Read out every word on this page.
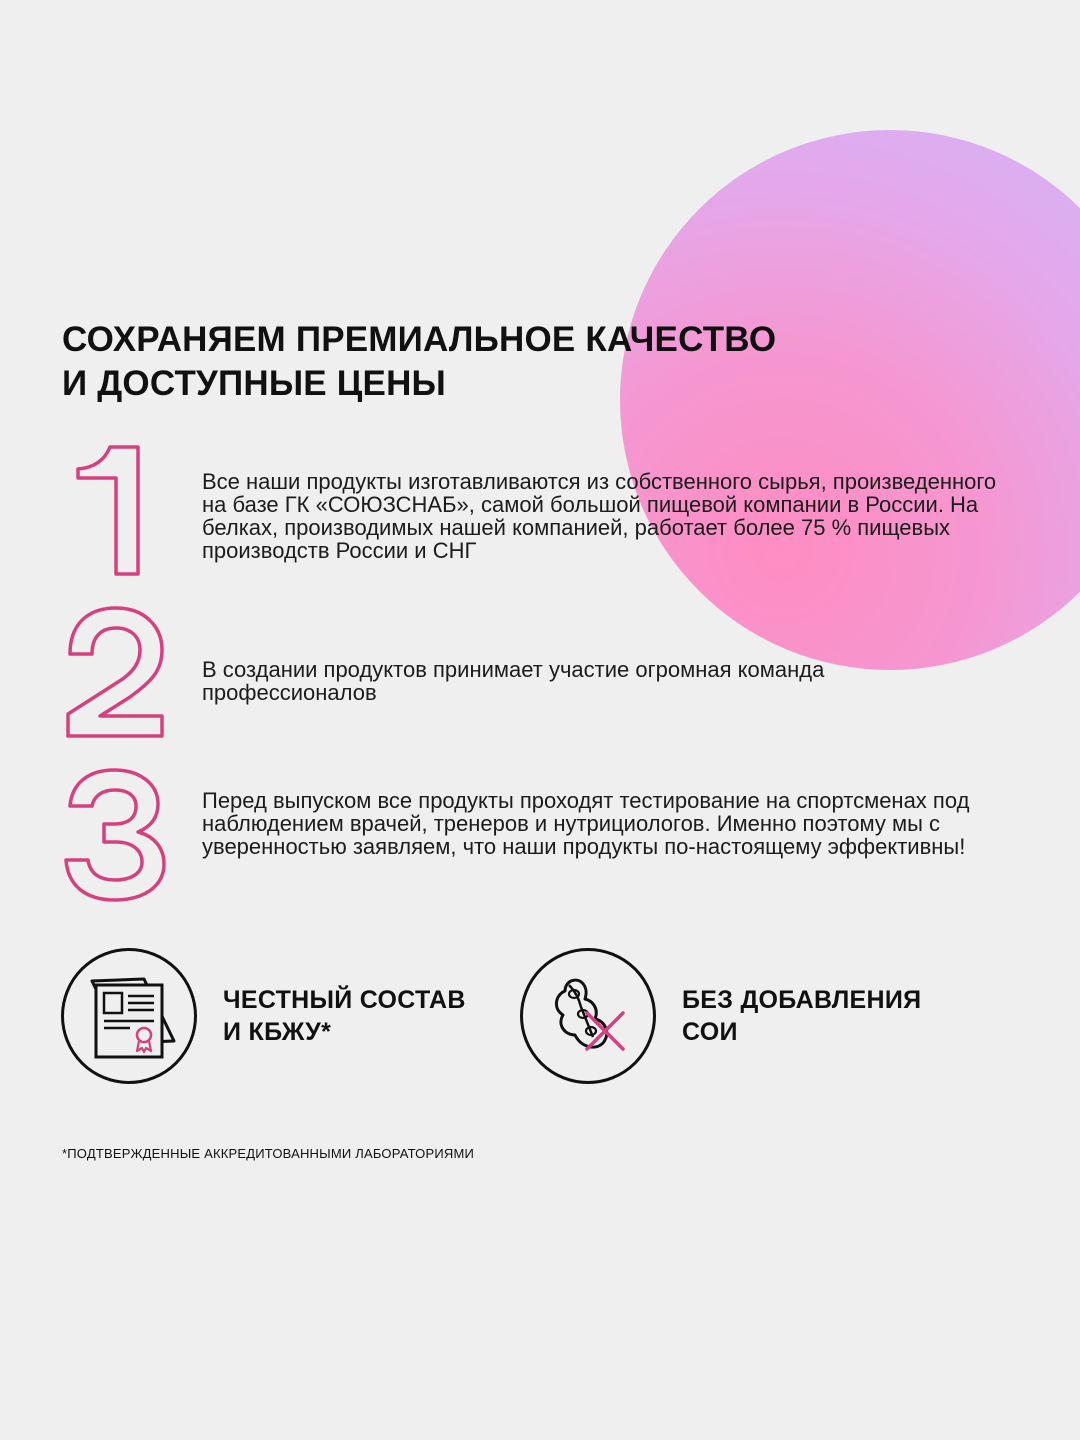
СОХРАНЯЕМ ПРЕМИАЛЬНОЕ КАЧЕСТВО
И ДОСТУПНЫЕ ЦЕНЫ
Все наши продукты изготавливаются из собственного сырья, произведенного на базе ГК «СОЮЗСНАБ», самой большой пищевой компании в России. На белках, производимых нашей компанией, работает более 75 % пищевых производств России и СНГ
В создании продуктов принимает участие огромная команда профессионалов
Перед выпуском все продукты проходят тестирование на спортсменах под наблюдением врачей, тренеров и нутрициологов. Именно поэтому мы с уверенностью заявляем, что наши продукты по-настоящему эффективны!
ЧЕСТНЫЙ СОСТАВ
И КБЖУ*
БЕЗ ДОБАВЛЕНИЯ
СОИ
*ПОДТВЕРЖДЕННЫЕ АККРЕДИТОВАННЫМИ ЛАБОРАТОРИЯМИ
